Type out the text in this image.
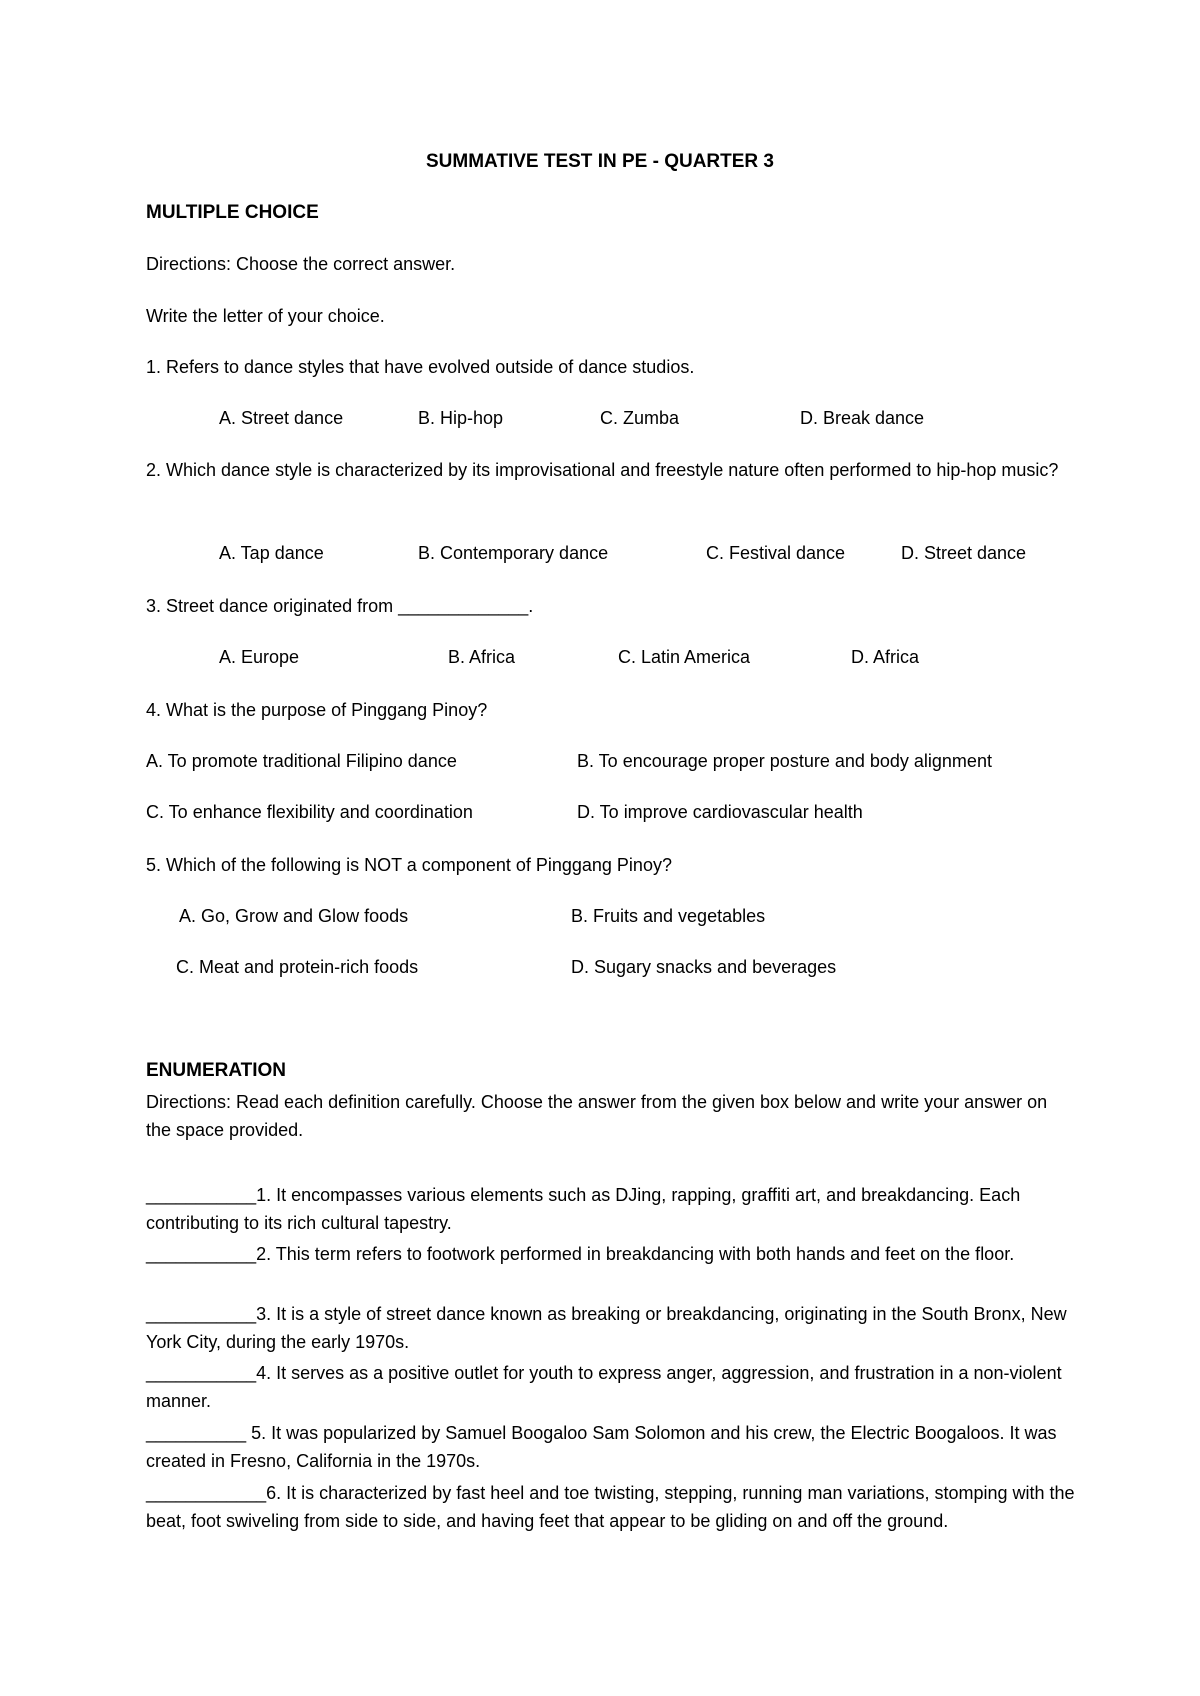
SUMMATIVE TEST IN PE - QUARTER 3
MULTIPLE CHOICE
Directions: Choose the correct answer.
Write the letter of your choice.
1. Refers to dance styles that have evolved outside of dance studios.
A. Street dance	B. Hip-hop	C. Zumba	D. Break dance
2. Which dance style is characterized by its improvisational and freestyle nature often performed to hip-hop music?
A. Tap dance	B. Contemporary dance	C. Festival dance	D. Street dance
3. Street dance originated from _____________.
A. Europe	B. Africa	C. Latin America	D. Africa
4. What is the purpose of Pinggang Pinoy?
A. To promote traditional Filipino dance	B. To encourage proper posture and body alignment
C. To enhance flexibility and coordination	D. To improve cardiovascular health
5. Which of the following is NOT a component of Pinggang Pinoy?
A. Go, Grow and Glow foods	B. Fruits and vegetables
C. Meat and protein-rich foods	D. Sugary snacks and beverages
ENUMERATION
Directions: Read each definition carefully. Choose the answer from the given box below and write your answer on the space provided.
___________1. It encompasses various elements such as DJing, rapping, graffiti art, and breakdancing. Each contributing to its rich cultural tapestry.
___________2. This term refers to footwork performed in breakdancing with both hands and feet on the floor.
___________3. It is a style of street dance known as breaking or breakdancing, originating in the South Bronx, New York City, during the early 1970s.
___________4. It serves as a positive outlet for youth to express anger, aggression, and frustration in a non-violent manner.
__________ 5. It was popularized by Samuel Boogaloo Sam Solomon and his crew, the Electric Boogaloos. It was created in Fresno, California in the 1970s.
____________6. It is characterized by fast heel and toe twisting, stepping, running man variations, stomping with the beat, foot swiveling from side to side, and having feet that appear to be gliding on and off the ground.
